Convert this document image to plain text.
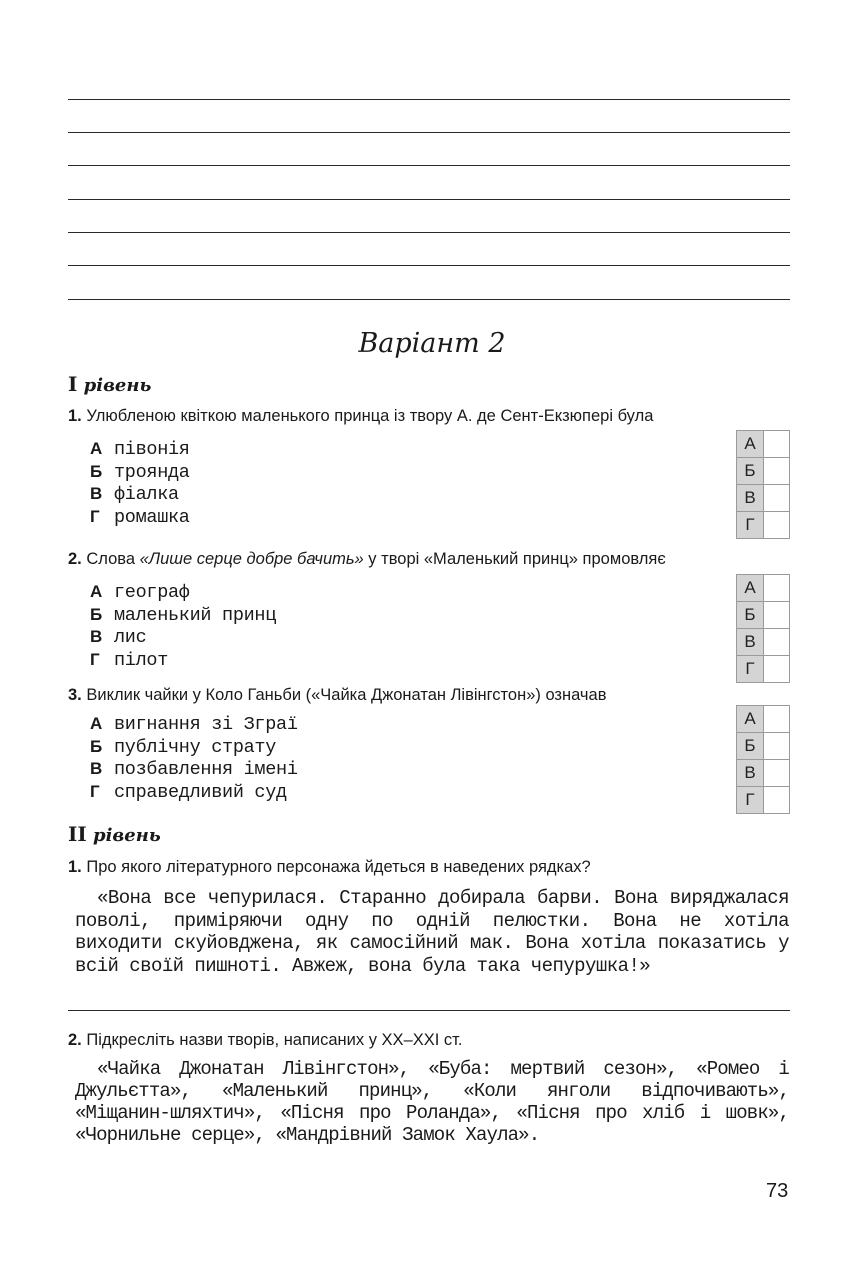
Варіант 2
I рівень
1. Улюбленою квіткою маленького принца із твору А. де Сент-Екзюпері була
А півонія
Б троянда
В фіалка
Г ромашка
А
Б
В
Г
2. Слова «Лише серце добре бачить» у творі «Маленький принц» промовляє
А географ
Б маленький принц
В лис
Г пілот
А
Б
В
Г
3. Виклик чайки у Коло Ганьби («Чайка Джонатан Лівінгстон») означав
А вигнання зі Зграї
Б публічну страту
В позбавлення імені
Г справедливий суд
А
Б
В
Г
II рівень
1. Про якого літературного персонажа йдеться в наведених рядках?
«Вона все чепурилася. Старанно добирала барви. Вона виряджалася поволі, приміряючи одну по одній пелюстки. Вона не хотіла виходити скуйовджена, як самосійний мак. Вона хотіла показатись у всій своїй пишноті. Авжеж, вона була така чепурушка!»
2. Підкресліть назви творів, написаних у XX–XXI ст.
«Чайка Джонатан Лівінгстон», «Буба: мертвий сезон», «Ромео і Джульєтта», «Маленький принц», «Коли янголи відпочивають», «Міщанин-шляхтич», «Пісня про Роланда», «Пісня про хліб і шовк», «Чорнильне серце», «Мандрівний Замок Хаула».
73
